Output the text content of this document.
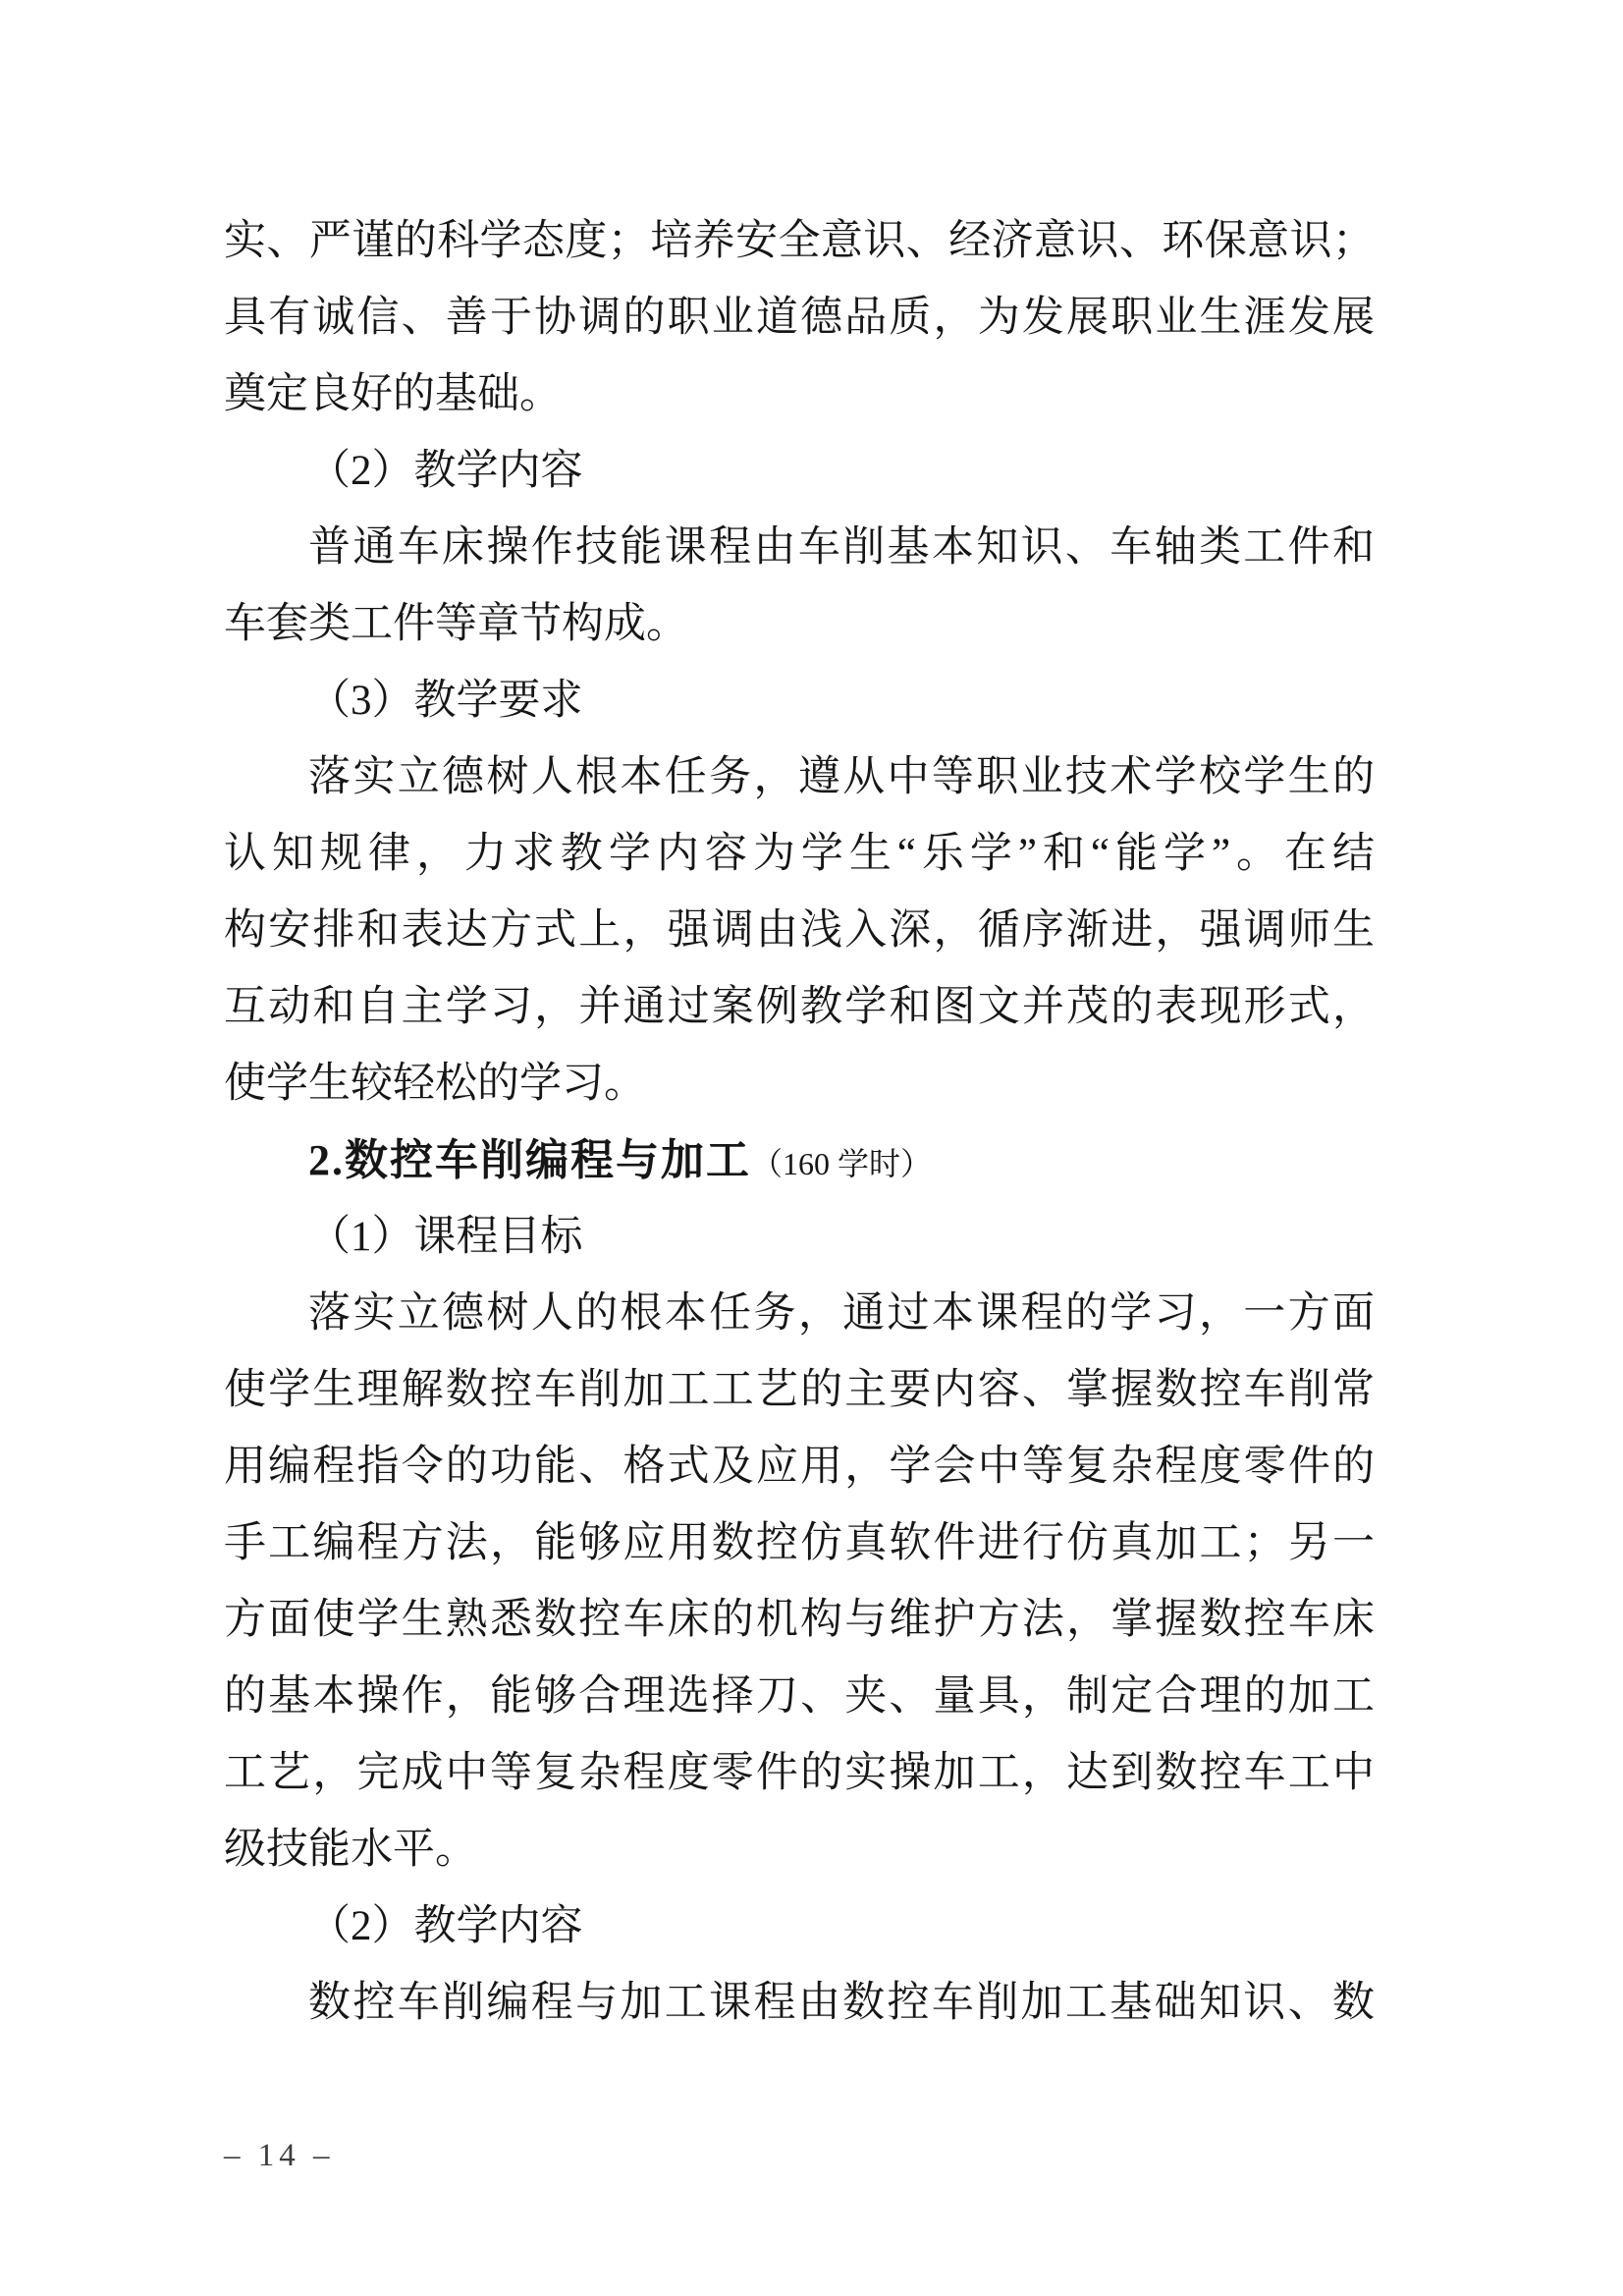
实、严谨的科学态度；培养安全意识、经济意识、环保意识；
具有诚信、善于协调的职业道德品质，为发展职业生涯发展
奠定良好的基础。
（2）教学内容
普通车床操作技能课程由车削基本知识、车轴类工件和
车套类工件等章节构成。
（3）教学要求
落实立德树人根本任务，遵从中等职业技术学校学生的
认知规律，力求教学内容为学生“乐学”和“能学”。在结
构安排和表达方式上，强调由浅入深，循序渐进，强调师生
互动和自主学习，并通过案例教学和图文并茂的表现形式，
使学生较轻松的学习。
2.数控车削编程与加工（160 学时）
（1）课程目标
落实立德树人的根本任务，通过本课程的学习，一方面
使学生理解数控车削加工工艺的主要内容、掌握数控车削常
用编程指令的功能、格式及应用，学会中等复杂程度零件的
手工编程方法，能够应用数控仿真软件进行仿真加工；另一
方面使学生熟悉数控车床的机构与维护方法，掌握数控车床
的基本操作，能够合理选择刀、夹、量具，制定合理的加工
工艺，完成中等复杂程度零件的实操加工，达到数控车工中
级技能水平。
（2）教学内容
数控车削编程与加工课程由数控车削加工基础知识、数
– 14 –
